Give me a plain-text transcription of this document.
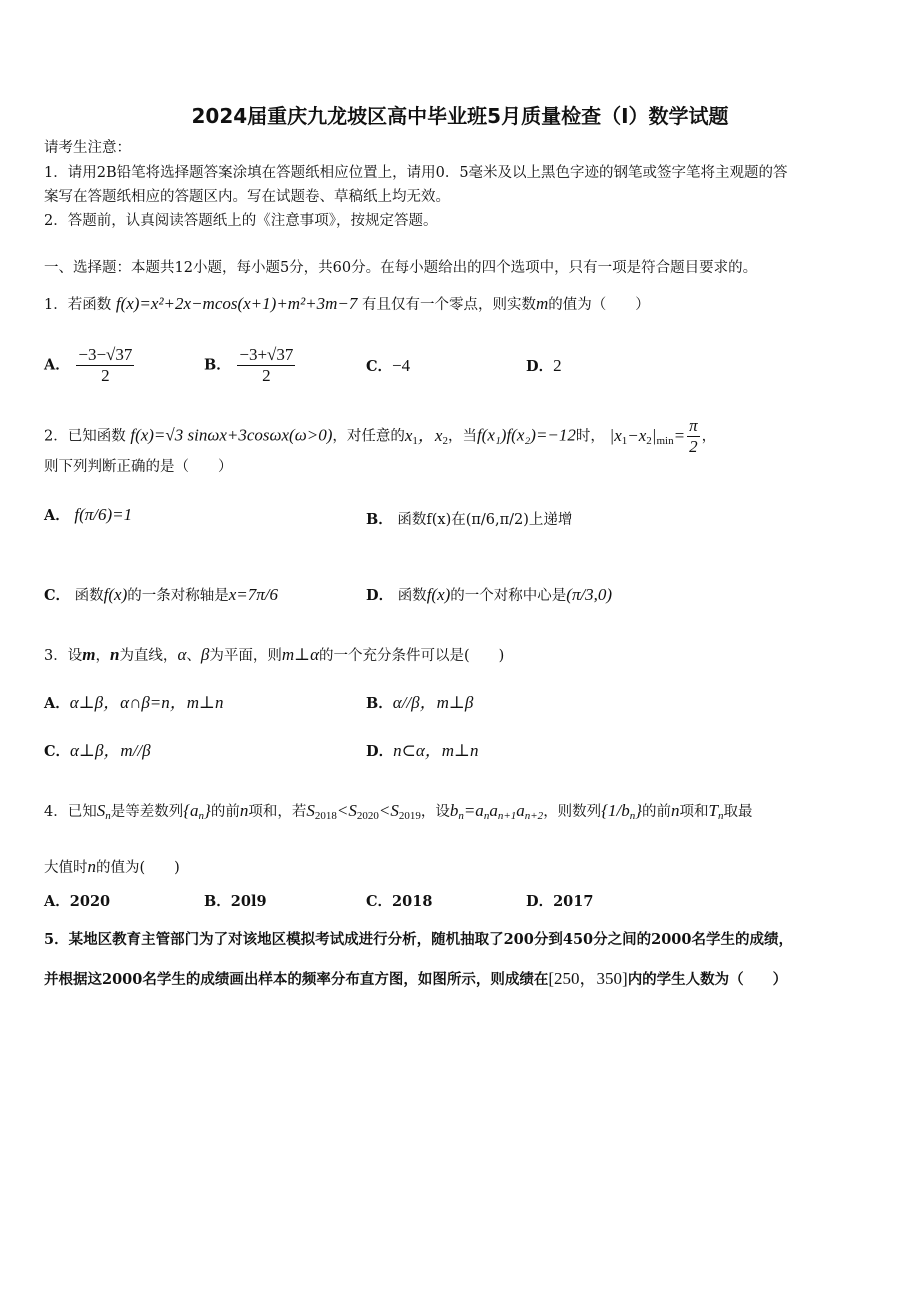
2024届重庆九龙坡区高中毕业班5月质量检查（Ⅰ）数学试题
请考生注意：
1．请用2B铅笔将选择题答案涂填在答题纸相应位置上，请用0．5毫米及以上黑色字迹的钢笔或签字笔将主观题的答
案写在答题纸相应的答题区内。写在试题卷、草稿纸上均无效。
2．答题前，认真阅读答题纸上的《注意事项》，按规定答题。
一、选择题：本题共12小题，每小题5分，共60分。在每小题给出的四个选项中，只有一项是符合题目要求的。
1．若函数 f(x)=x²+2x−mcos(x+1)+m²+3m−7 有且仅有一个零点，则实数m的值为（　　）
A． $\frac{-3-√37}{2}$	B． $\frac{-3+√37}{2}$	C．−4	D．2
2．已知函数 f(x)=√3 sinωx+3cosωx(ω>0)，对任意的$x_1$，$x_2$，当f(x₁)f(x₂)=−12时， $|x_1-x_2|_{min}= \frac{\pi}{2}$ ，
则下列判断正确的是（　　）
A． f(π/6)=1	B． 函数f(x)在(π/6,π/2)上递增
C． 函数f(x)的一条对称轴是x=7π/6	D． 函数f(x)的一个对称中心是(π/3,0)
3．设m，n为直线，α、β为平面，则m⊥α的一个充分条件可以是(　　)
A．α⊥β，α∩β=n，m⊥n	B．α//β，m⊥β
C．α⊥β，m//β	D．n⊂α，m⊥n
4．已知Sn是等差数列{an}的前n项和，若$S_{2018}<S_{2020}<S_{2019}$，设bn=anan+1an+2，则数列{1/bn}的前n项和Tn取最
大值时n的值为(　　)
A．2020	B．20l9	C．2018	D．2017
5．某地区教育主管部门为了对该地区模拟考试成进行分析，随机抽取了200分到450分之间的2000名学生的成绩，
并根据这2000名学生的成绩画出样本的频率分布直方图，如图所示，则成绩在[250，350]内的学生人数为（　　）
